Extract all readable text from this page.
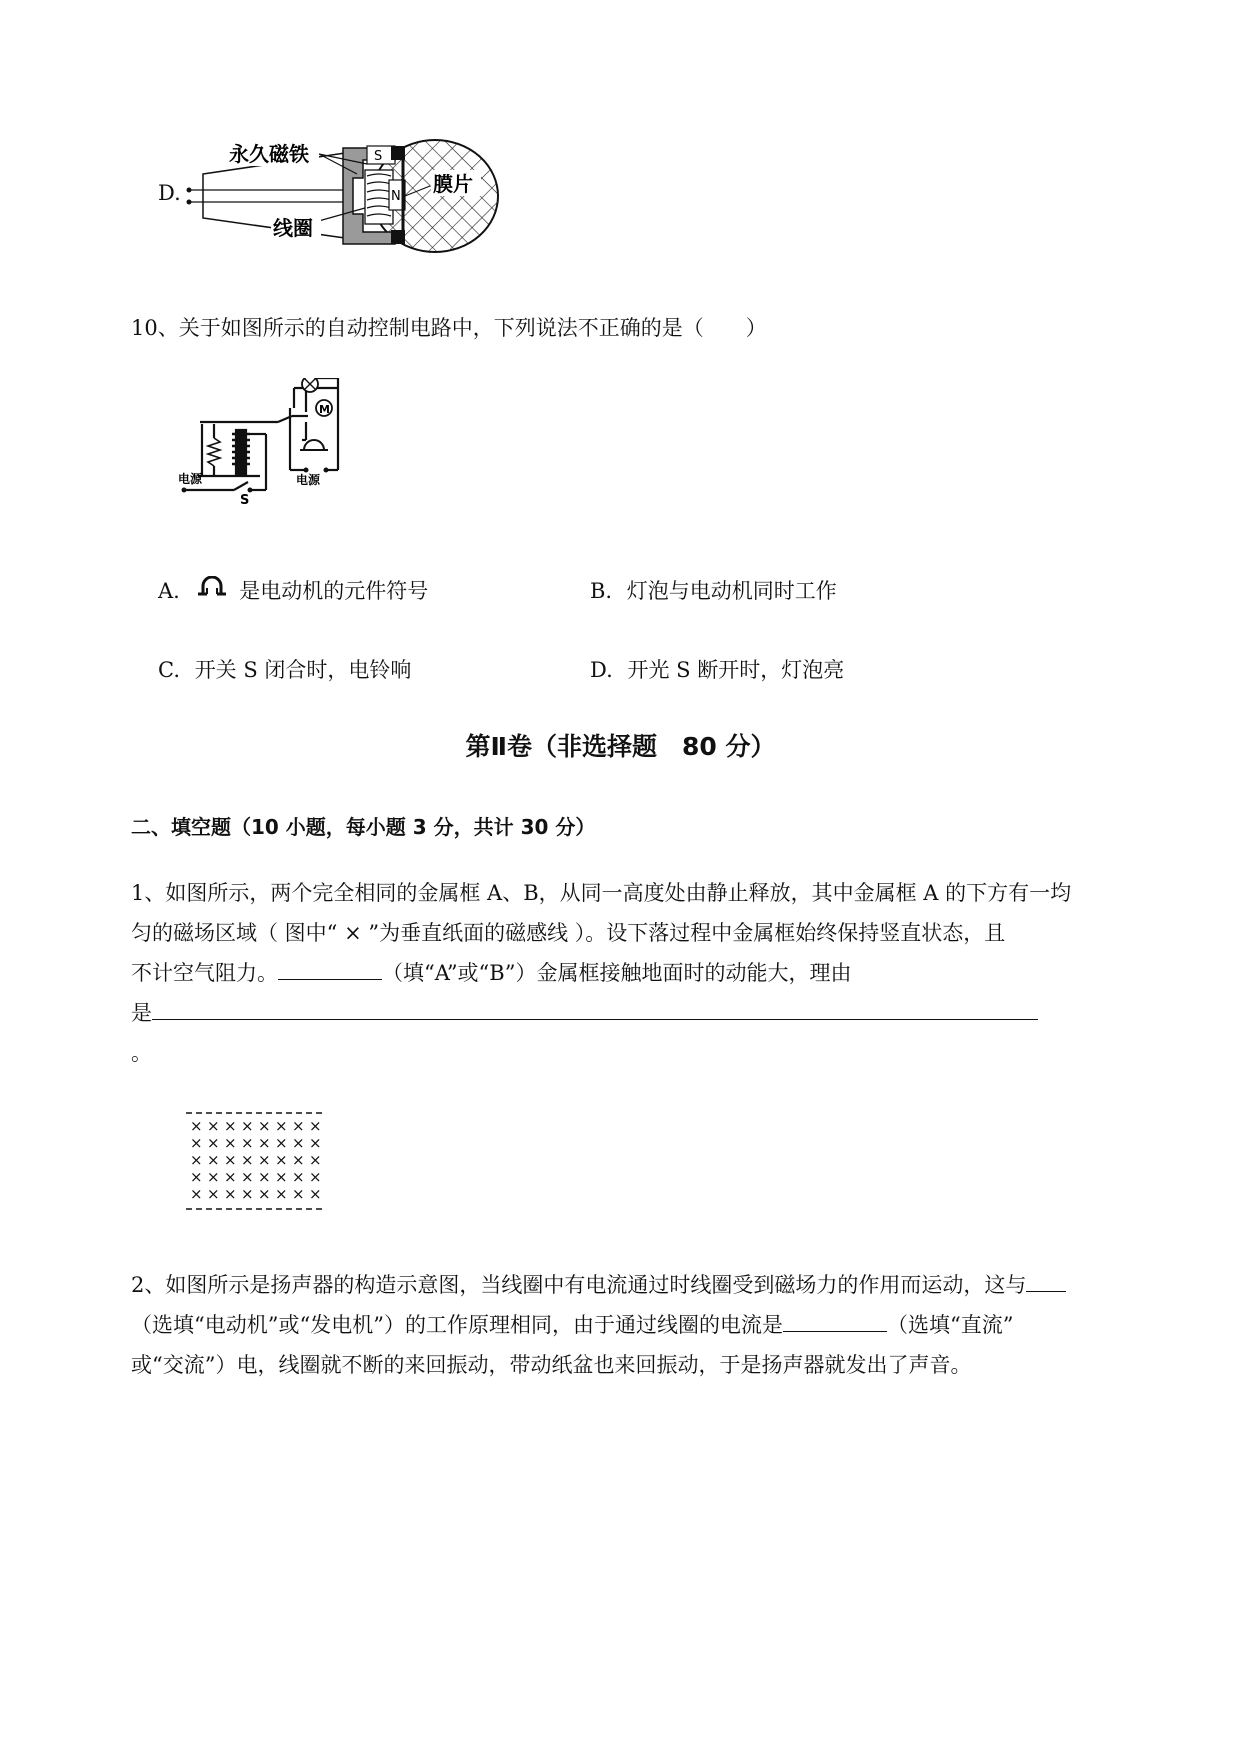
D.
S
N
永久磁铁
线圈
膜片
10、关于如图所示的自动控制电路中，下列说法不正确的是（　　）
M
电源
S
电源
A.	是电动机的元件符号	B. 灯泡与电动机同时工作
C. 开关 S 闭合时，电铃响	D. 开光 S 断开时，灯泡亮
第Ⅱ卷（非选择题　80 分）
二、填空题（10 小题，每小题 3 分，共计 30 分）
1、如图所示，两个完全相同的金属框 A、B，从同一高度处由静止释放，其中金属框 A 的下方有一均
匀的磁场区域（ 图中“ × ”为垂直纸面的磁感线 ）。设下落过程中金属框始终保持竖直状态，且
不计空气阻力。	（填“A”或“B”）金属框接触地面时的动能大，理由
是
。
× × × × × × × ×
× × × × × × × ×
× × × × × × × ×
× × × × × × × ×
× × × × × × × ×
2、如图所示是扬声器的构造示意图，当线圈中有电流通过时线圈受到磁场力的作用而运动，这与
（选填“电动机”或“发电机”）的工作原理相同，由于通过线圈的电流是	（选填“直流”
或“交流”）电，线圈就不断的来回振动，带动纸盆也来回振动，于是扬声器就发出了声音。
